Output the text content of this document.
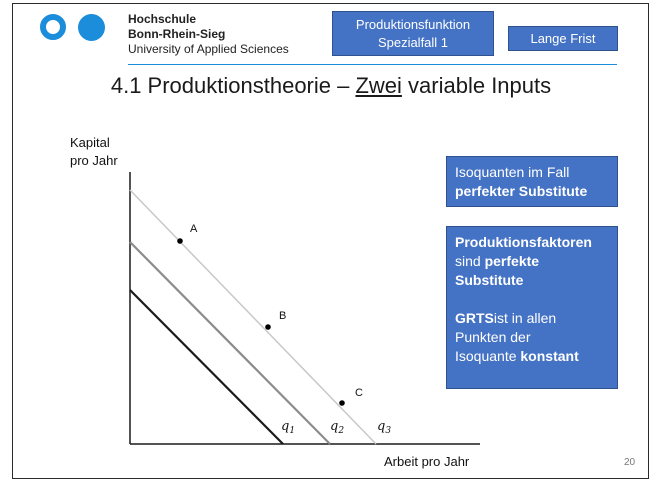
Hochschule
Bonn-Rhein-Sieg
University of Applied Sciences
Produktionsfunktion
Spezialfall 1	Lange Frist
4.1 Produktionstheorie – Zwei variable Inputs
Kapital
pro Jahr
A
B
C
$q_1$	$q_2$	$q_3$
Arbeit pro Jahr
Isoquanten im Fall
perfekter Substitute
Produktionsfaktoren
sind perfekte
Substitute
GRTSist in allen
Punkten der
Isoquante konstant
20
